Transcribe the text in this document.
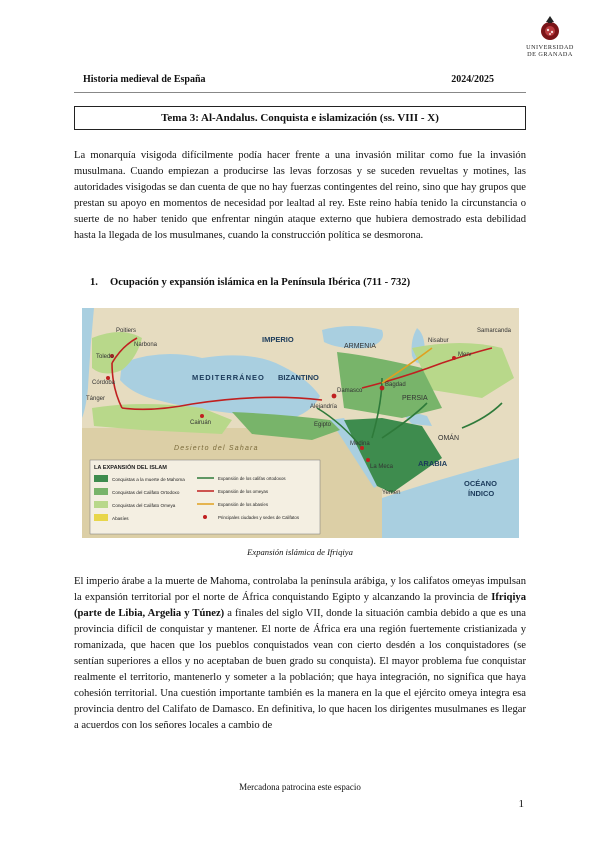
UNIVERSIDAD
DE GRANADA
Historia medieval de España	2024/2025
Tema 3: Al-Andalus. Conquista e islamización (ss. VIII - X)

La monarquía visigoda difícilmente podía hacer frente a una invasión militar como fue la invasión musulmana. Cuando empiezan a producirse las levas forzosas y se suceden revueltas y motines, las autoridades visigodas se dan cuenta de que no hay fuerzas contingentes del reino, sino que hay grupos que prestan su apoyo en momentos de necesidad por lealtad al rey. Este reino había tenido la circunstancia o suerte de no haber tenido que enfrentar ningún ataque externo que hubiera demostrado esta debilidad hasta la llegada de los musulmanes, cuando la construcción política se desmorona.

1. Ocupación y expansión islámica en la Península Ibérica (711 - 732)
Poitiers
Narbona
Toledo
Córdoba
Tánger
Cairuán
Alejandría
Damasco
Bagdad
Medina
La Meca
Merv
Nisabur
Samarcanda
Egipto
Yemen
OMÁN
ARMENIA
PERSIA
IMPERIO
BIZANTINO
MEDITERRÁNEO
ARABIA
OCÉANO
ÍNDICO
Desierto del Sahara
LA EXPANSIÓN DEL ISLAM
Conquistas a la muerte de Mahoma
Conquistas del Califato Ortodoxo
Conquistas del Califato Omeya
Abasíes
Expansión de los califas ortodoxos
Expansión de los omeyas
Expansión de los abasíes
Principales ciudades y sedes de Califatos
Expansión islámica de Ifriqiya

El imperio árabe a la muerte de Mahoma, controlaba la península arábiga, y los califatos omeyas impulsan la expansión territorial por el norte de África conquistando Egipto y alcanzando la provincia de Ifriqiya (parte de Libia, Argelia y Túnez) a finales del siglo VII, donde la situación cambia debido a que es una provincia difícil de conquistar y mantener. El norte de África era una región fuertemente cristianizada y romanizada, que hacen que los pueblos conquistados vean con cierto desdén a los conquistadores (se sentían superiores a ellos y no aceptaban de buen grado su conquista). El mayor problema fue conquistar realmente el territorio, mantenerlo y someter a la población; que haya integración, no significa que haya cohesión territorial. Una cuestión importante también es la manera en la que el ejército omeya integra esa provincia dentro del Califato de Damasco. En definitiva, lo que hacen los dirigentes musulmanes es llegar a acuerdos con los señores locales a cambio de

Mercadona patrocina este espacio
1
